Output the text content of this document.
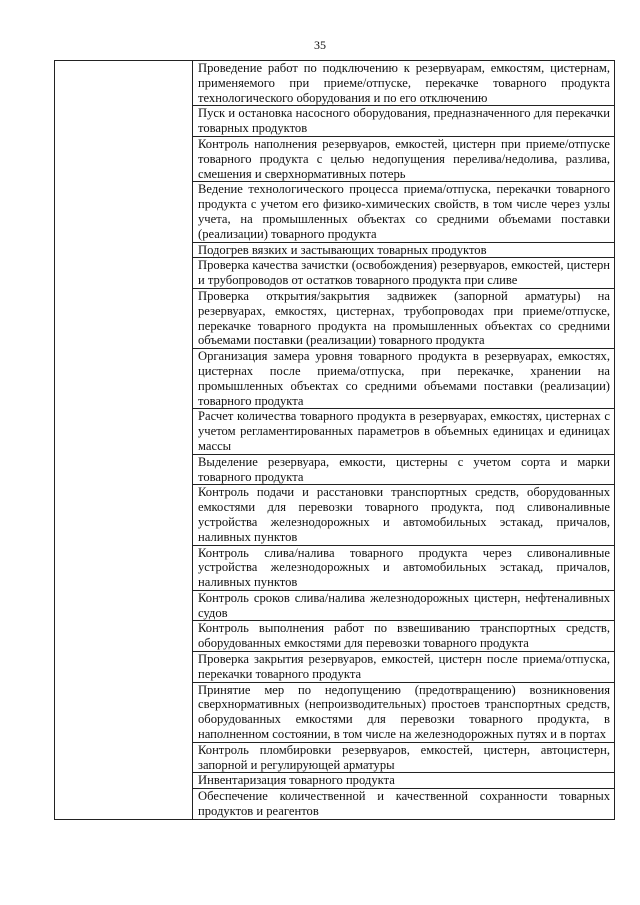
35
	Проведение работ по подключению к резервуарам, емкостям, цистернам, применяемого при приеме/отпуске, перекачке товарного продукта технологического оборудования и по его отключению
Пуск и остановка насосного оборудования, предназначенного для перекачки товарных продуктов
Контроль наполнения резервуаров, емкостей, цистерн при приеме/отпуске товарного продукта с целью недопущения перелива/недолива, разлива, смешения и сверхнормативных потерь
Ведение технологического процесса приема/отпуска, перекачки товарного продукта с учетом его физико-химических свойств, в том числе через узлы учета, на промышленных объектах со средними объемами поставки (реализации) товарного продукта
Подогрев вязких и застывающих товарных продуктов
Проверка качества зачистки (освобождения) резервуаров, емкостей, цистерн и трубопроводов от остатков товарного продукта при сливе
Проверка открытия/закрытия задвижек (запорной арматуры) на резервуарах, емкостях, цистернах, трубопроводах при приеме/отпуске, перекачке товарного продукта на промышленных объектах со средними объемами поставки (реализации) товарного продукта
Организация замера уровня товарного продукта в резервуарах, емкостях, цистернах после приема/отпуска, при перекачке, хранении на промышленных объектах со средними объемами поставки (реализации) товарного продукта
Расчет количества товарного продукта в резервуарах, емкостях, цистернах с учетом регламентированных параметров в объемных единицах и единицах массы
Выделение резервуара, емкости, цистерны с учетом сорта и марки товарного продукта
Контроль подачи и расстановки транспортных средств, оборудованных емкостями для перевозки товарного продукта, под сливоналивные устройства железнодорожных и автомобильных эстакад, причалов, наливных пунктов
Контроль слива/налива товарного продукта через сливоналивные устройства железнодорожных и автомобильных эстакад, причалов, наливных пунктов
Контроль сроков слива/налива железнодорожных цистерн, нефтеналивных судов
Контроль выполнения работ по взвешиванию транспортных средств, оборудованных емкостями для перевозки товарного продукта
Проверка закрытия резервуаров, емкостей, цистерн после приема/отпуска, перекачки товарного продукта
Принятие мер по недопущению (предотвращению) возникновения сверхнормативных (непроизводительных) простоев транспортных средств, оборудованных емкостями для перевозки товарного продукта, в наполненном состоянии, в том числе на железнодорожных путях и в портах
Контроль пломбировки резервуаров, емкостей, цистерн, автоцистерн, запорной и регулирующей арматуры
Инвентаризация товарного продукта
Обеспечение количественной и качественной сохранности товарных продуктов и реагентов
